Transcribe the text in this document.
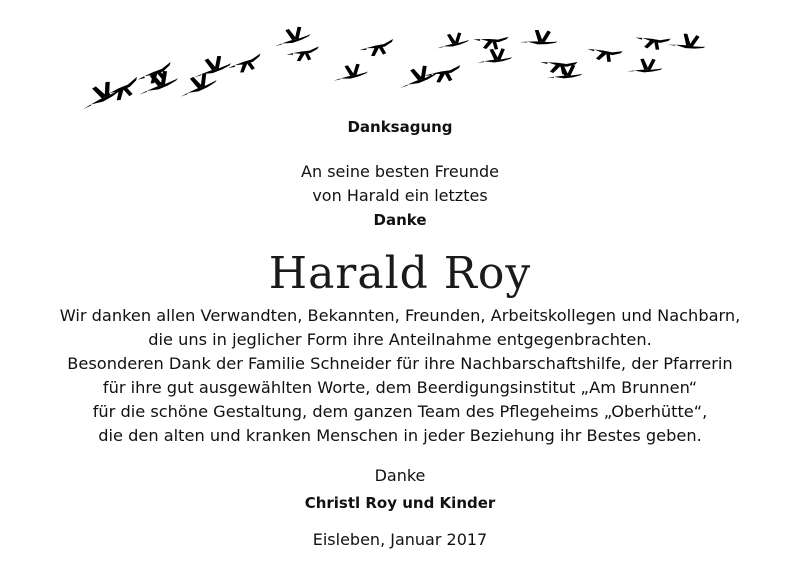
Danksagung
An seine besten Freunde
von Harald ein letztes
Danke
Harald Roy
Wir danken allen Verwandten, Bekannten, Freunden, Arbeitskollegen und Nachbarn,
die uns in jeglicher Form ihre Anteilnahme entgegenbrachten.
Besonderen Dank der Familie Schneider für ihre Nachbarschaftshilfe, der Pfarrerin
für ihre gut ausgewählten Worte, dem Beerdigungsinstitut „Am Brunnen“
für die schöne Gestaltung, dem ganzen Team des Pflegeheims „Oberhütte“,
die den alten und kranken Menschen in jeder Beziehung ihr Bestes geben.
Danke
Christl Roy und Kinder
Eisleben, Januar 2017
